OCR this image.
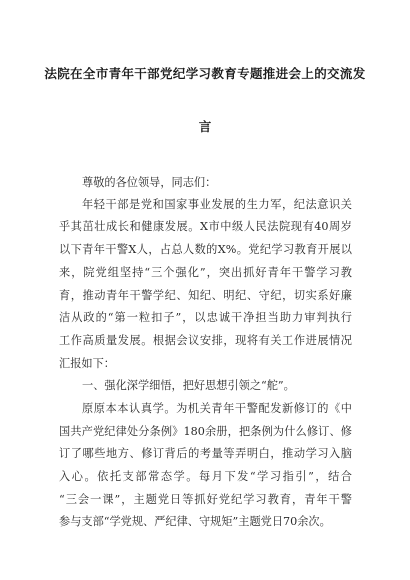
法院在全市青年干部党纪学习教育专题推进会上的交流发
言
尊敬的各位领导，同志们：
年轻干部是党和国家事业发展的生力军，纪法意识关
乎其茁壮成长和健康发展。X市中级人民法院现有40周岁
以下青年干警X人，占总人数的X%。党纪学习教育开展以
来，院党组坚持“三个强化”，突出抓好青年干警学习教
育，推动青年干警学纪、知纪、明纪、守纪，切实系好廉
洁从政的“第一粒扣子”，以忠诚干净担当助力审判执行
工作高质量发展。根据会议安排，现将有关工作进展情况
汇报如下：
一、强化深学细悟，把好思想引领之“舵”。
原原本本认真学。为机关青年干警配发新修订的《中
国共产党纪律处分条例》180余册，把条例为什么修订、修
订了哪些地方、修订背后的考量等弄明白，推动学习入脑
入心。依托支部常态学。每月下发“学习指引”，结合
“三会一课”，主题党日等抓好党纪学习教育，青年干警
参与支部“学党规、严纪律、守规矩”主题党日70余次。
